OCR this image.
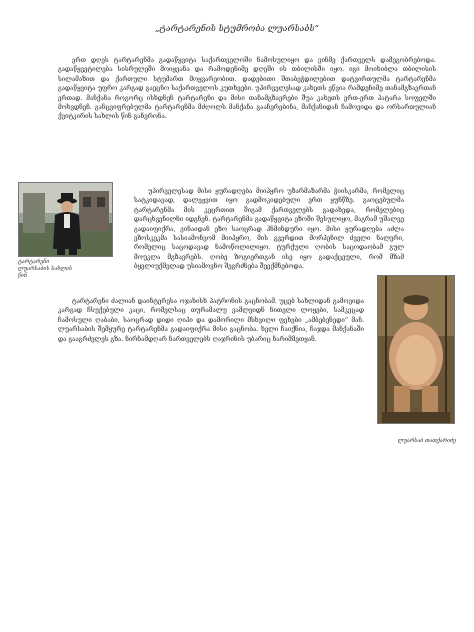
„ტარტარენის სტუმრობა ლუარსაბს“

ერთ დღეს ტარტარენმა გადაწყვიტა საქართველოში ნამოსულიყო და ვინმე ქართველს დამეგობრებოდა. გადაწყვეტილება სისრულეში მოიყვანა და რამოდენიმე დღეში ის თბილისში იყო. იგი მოიხიბლა თბილისის სილამაზით და ქართული სტუმართ მოყვარეობით. დადებითი შთაბეჭდილებით დატვირთულმა ტარტარენმა გადაწყვიტა უფრო კარგად გაეცნო საქართველოს კუთხეები. უპირველესად კახეთს ეწვია რამდენიმე თანამგზავრთან ერთად. მანქანა როგორც ისხდნენ ტარტარენი და მისი თანამგზავრები შუა კახეთს ერთ-ერთ პატარა სოფელში მოხვდნენ. განცვიფრებულმა ტარტარენმა მძღოლს მანქანა გააჩერებინა, მანქანიდან ჩამოვიდა და ორსართულიან ქვიტკირის სახლის წინ განერონა.

ტარტარენი ლუარსაბის სახლის წინ

უპირველესად მისი ყურადღება მიიპყრო უზარმაზარმა ჭიისკარმა, რომელიც სატკიდავად, დალეჟვით იყო გადმოკიდებული ერთ ყუნწზე. გაოცებულმა ტარტარენმა მის კეცრთით შიგამ ქართველებს გადახედა, რომელებიც დარცხვენილნი იდგნენ. ტარტარენმა გადაწყვიტა ეზოში შესულიყო, მაგრამ უშალვე გადაიფიქრა, ვინაიდან ეზო საოცრად ჰნმინდური იყო. მისი ყურადღება აძლა ეზოსკეკმა სასიამონვომ მიიპყრო, მის გვერდით მორპენილ ძველი ნალერი, რომელიც საცოდავად ნამოწოლილიყო. ტურქული ღობის საცოდაობამ გულ მოუკლა მგზავრებს. ღობე ზოგიერთგან ისე იყო გადაქცეული, რომ მზამ ბყელიუქმელად უსიამოვნო შეგრძნება შეექმნებოდა.

ტარტარენი ძალიან დაინტერესა ოჯახისხ პატრონის გაცნობამ. უცებ სახლიდან გამოვიდა კარგად ჩსუქებული კაცი, რომელსაც თურამალუ ვამლეიდნ ნითელი ლოყები, სამკეცად ჩამოსული ღაბაბი, საოცრად დიდი ღიპი და დამორილი მსხვილი ფეხები „ამბებენედი“ მან. ლუარსაბის შემყურე ტარტარენმა გადაიფიქრა მისი გაცნობა. ხელი ჩაიქნია, ჩაჯდა მანქანაში და გააგრძელეს გზა. ნირნამდღარ ნართველებს ღაჯრინის უბარიც ნარიმმეთყან.

ლუარსაბ თათქარიძე
